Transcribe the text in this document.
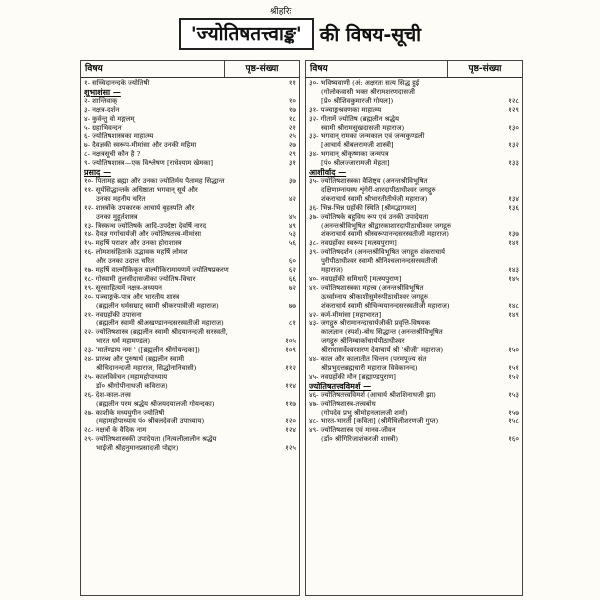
श्रीहरिः
'ज्योतिषतत्त्वाङ्क' की विषय-सूची
विषय	पृष्ठ-संख्या
१- सच्चिदानन्दके ज्योतिषी	११
शुभाशंसा —
२- शान्तिवाक्	१०
३- नक्षत्र-दर्शन	१७
४- कुर्वन्तु वो मङ्गलम्	१८
५- ग्रहाभिवन्दन	२१
६- ज्योतिषशास्त्रका माहात्म्य	२५
७- दैवज्ञकी स्वरूप-मीमांसा और उनकी महिमा	२७
८- नक्षत्रसूची कौन है ?	२९
९- ज्योतिषशास्त्र—एक विश्लेषण [राधेश्याम खेमका]	३१
प्रसाद —
१०- पितामह ब्रह्मा और उनका ज्योतिर्मय पैतामह सिद्धान्त	३७
११- सूर्यसिद्धान्तके अधिष्ठाता भगवान् सूर्य और
उनका महनीय चरित	४२
१२- शास्त्रोंके उपकारक आचार्य बृहस्पति और
उनका मुहूर्तशास्त्र	४५
१३- त्रिस्कन्ध ज्योतिषके आदि-उपदेष्टा देवर्षि नारद	४९
१४- दैवज्ञ गर्गाचार्यजी और ज्योतिषतत्त्व-मीमांसा	५३
१५- महर्षि पराशर और उनका होराशास्त्र	५६
१६- लोमशसंहिताके उद्भावक महर्षि लोमश
और उनका उदात्त चरित	६०
१७- महर्षि वाल्मीकिकृत वाल्मीकिरामायणमें ज्योतिषप्रकरण	६२
१८- गोस्वामी तुलसीदासजीका ज्योतिष-विचार	६६
१९- सूरसाहित्यमें नक्षत्र-अध्ययन	७२
२०- पञ्चाङ्गके-पात्र और भारतीय शास्त्र
(ब्रह्मलीन धर्मसम्राट् स्वामी श्रीकरपात्रीजी महाराज)	७७
२१- नवग्रहोंकी उपासना
(ब्रह्मलीन स्वामी श्रीअखण्डानन्दसरस्वतीजी महाराज)	८१
२२- ज्योतिषशास्त्र (ब्रह्मलीन स्वामी श्रीदयानन्दजी सरस्वती,
भारत धर्म महामण्डल)	१०५
२३- 'मार्तण्डाय नमः ' ([ब्रह्मलीन श्रीगोयन्दका])	१०९
२४- प्रारब्ध और पुरुषार्थ (ब्रह्मलीन स्वामी
श्रीचिदानन्दजी महाराज, सिद्धोनानिवासी)	११२
२५- कालविवेचन (महामहोपाध्याय
डॉ० श्रीगोपीनाथजी कविराज)	११४
२६- देश-काल-तत्त्व
(ब्रह्मलीन परम श्रद्धेय श्रीजयदयालजी गोयन्दका)	११७
२७- काशीके मध्ययुगीन ज्योतिषी
(महामहोपाध्याय पं० श्रीबलदेवजी उपाध्याय)	१२०
२८- नक्षत्रों के वैदिक नाम	१२४
२९- ज्योतिषशास्त्रकी उपादेयता (नित्यलीलालीन श्रद्धेय
भाईजी श्रीहनुमानप्रसादजी पोद्दार)	१२५
विषय	पृष्ठ-संख्या
३०- भविष्यवाणी (अं: अक्षरतः सत्य सिद्ध हुई
(गोलोकवासी भक्त श्रीरामशरणदासजी
[प्रे० श्रीशिवकुमारजी गोयल])	१२८
३१- पञ्चाङ्गश्रवणका माहात्म्य	१२९
३२- गीतामें ज्योतिष (ब्रह्मलीन श्रद्धेय
स्वामी श्रीरामसुखदासजी महाराज)	१३०
३३- भगवान् रामका जन्मकाल एवं जन्मकुण्डली
[आचार्य श्रीबलरामजी शास्त्री]	१३२
३४- भगवान् श्रीकृष्णका जन्मपत्र
[पं० श्रीलज्जारामजी मेहता]	१३३
आशीर्वाद —
३५- ज्योतिषशास्त्रका वैशिष्ट्य (अनन्तश्रीविभूषित
दक्षिणाम्नायस्थ शृंगेरी-शारदापीठाधीश्वर जगद्गुरु
शंकराचार्य स्वामी श्रीभारतीतीर्थजी महाराज)	१३४
३६- भिन्न-भिन्न ग्रहोंकी स्थिति [श्रीमद्भागवत]	१३६
३७- ज्योतिषके बहुविध रूप एवं उनकी उपादेयता
(अनन्तश्रीविभूषित श्रीद्वारकाशारदापीठाधीश्वर जगद्गुरु
शंकराचार्य स्वामी श्रीस्वरूपानन्दसरस्वतीजी महाराज)	१३७
३८- नवग्रहोंका स्वरूप [मत्स्यपुराण]	१४१
३९- ज्योतिषदर्शन (अनन्तश्रीविभूषित जगद्गुरु शंकराचार्य
पुरीपीठाधीश्वर स्वामी श्रीनिश्चलानन्दसरस्वतीजी
महाराज)	१४३
४०- नवग्रहोंकी समिधाएँ [मत्स्यपुराण]	१४५
४१- ज्योतिषशास्त्रका महत्त्व (अनन्तश्रीविभूषित
ऊर्ध्वाम्नाय श्रीकाशीसुमेरुपीठाधीश्वर जगद्गुरु
शंकराचार्य स्वामी श्रीचिन्मयानन्दसरस्वतीजी महाराज)	१४८
४२- कर्म-मीमांसा [महाभारत]	१४९
४३- जगद्गुरु श्रीरामानन्दाचार्यजीकी प्रवृत्ति-विषयक
कालज्ञान (स्पर्श)-बोध सिद्धान्त (अनन्तश्रीविभूषित
जगद्गुरु श्रीनिम्बार्काचार्यपीठाधीश्वर
श्रीराधासर्वेश्वरशरण देवाचार्य श्री 'श्रीजी' महाराज)	१५०
४४- काल और कालातीत चिन्तन (परमपूज्य संत
श्रीप्रभुदत्तब्रह्मचारी महाराज विवेकानन्द)	१५१
४५- नवग्रहोंकी मौन [ब्रह्माण्डपुराण]	१५२
ज्योतिषतत्त्वविमर्श —
४६- ज्योतिषतत्त्वविमर्श (आचार्य श्रीशशिनाथजी झा)	१५३
४७- ज्योतिषशास्त्र-तत्त्वबोध
(गोपदेव प्रभु श्रीमोहनलालजी शर्मा)	१५७
४८- भारत-भारती [कविता] (श्रीमैथिलीशरणजी गुप्त)	१५८
४९- ज्योतिषशास्त्र एवं मानव-जीवन
(डॉ० श्रीगिरिजाशंकरजी शास्त्री)	१६०
